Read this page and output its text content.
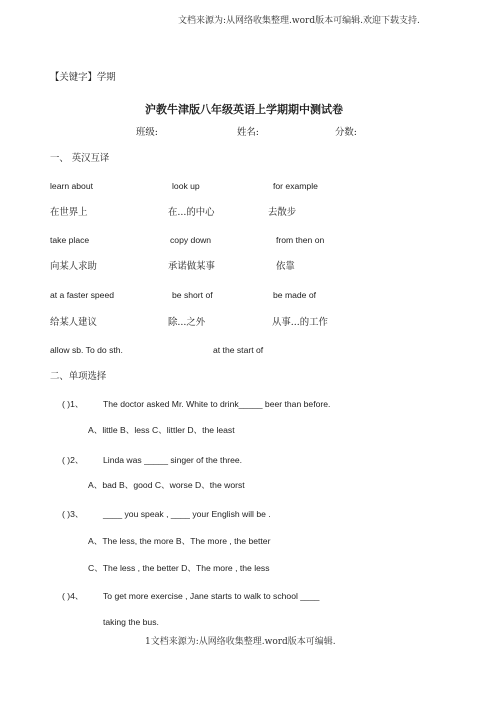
文档来源为:从网络收集整理.word版本可编辑.欢迎下载支持.
【关键字】学期
沪教牛津版八年级英语上学期期中测试卷
班级:	姓名:	分数:
一、 英汉互译
learn about	look up	for example
在世界上	在...的中心	去散步
take place	copy down	from then on
向某人求助	承诺做某事	依靠
at a faster speed	be short of	be made of
给某人建议	除...之外	从事...的工作
allow sb. To do sth.	at the start of
二、单项选择
( )1、 The doctor asked Mr. White to drink_____ beer than before.
A、little B、less C、littler D、the least
( )2、 Linda was _____ singer of the three.
A、bad B、good C、worse D、the worst
( )3、 ____ you speak , ____ your English will be .
A、The less, the more B、The more , the better
C、The less , the better D、The more , the less
( )4、 To get more exercise , Jane starts to walk to school ____
taking the bus.
1文档来源为:从网络收集整理.word版本可编辑.
